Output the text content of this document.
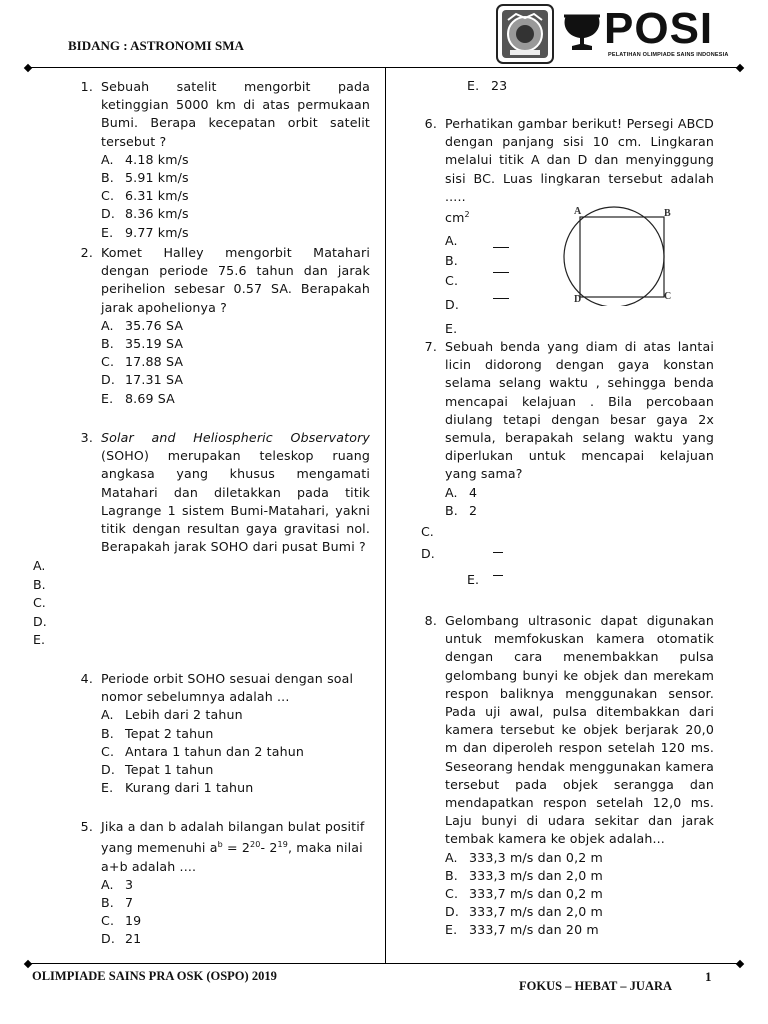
BIDANG : ASTRONOMI SMA	POSI
PELATIHAN OLIMPIADE SAINS INDONESIA
1. Sebuah satelit mengorbit pada ketinggian 5000 km di atas permukaan Bumi. Berapa kecepatan orbit satelit tersebut ?
A. 4.18 km/s
B. 5.91 km/s
C. 6.31 km/s
D. 8.36 km/s
E. 9.77 km/s
2. Komet Halley mengorbit Matahari dengan periode 75.6 tahun dan jarak perihelion sebesar 0.57 SA. Berapakah jarak apohelionya ?
A. 35.76 SA
B. 35.19 SA
C. 17.88 SA
D. 17.31 SA
E. 8.69 SA
3. Solar and Heliospheric Observatory (SOHO) merupakan teleskop ruang angkasa yang khusus mengamati Matahari dan diletakkan pada titik Lagrange 1 sistem Bumi-Matahari, yakni titik dengan resultan gaya gravitasi nol. Berapakah jarak SOHO dari pusat Bumi ?
A.
B.
C.
D.
E.
4. Periode orbit SOHO sesuai dengan soal nomor sebelumnya adalah ...
A. Lebih dari 2 tahun
B. Tepat 2 tahun
C. Antara 1 tahun dan 2 tahun
D. Tepat 1 tahun
E. Kurang dari 1 tahun
5. Jika a dan b adalah bilangan bulat positif yang memenuhi $a^b = 2^{20}-$ $2^{19}$, maka nilai a+b adalah ....
A. 3
B. 7
C. 19
D. 21
E. 23
6. Perhatikan gambar berikut! Persegi ABCD dengan panjang sisi 10 cm. Lingkaran melalui titik A dan D dan menyinggung sisi BC. Luas lingkaran tersebut adalah .....
$cm^2$
A.
B.
C.
D.
E.
A	B
C
D
7. Sebuah benda yang diam di atas lantai licin didorong dengan gaya konstan selama selang waktu , sehingga benda mencapai kelajuan . Bila percobaan diulang tetapi dengan besar gaya 2x semula, berapakah selang waktu yang diperlukan untuk mencapai kelajuan yang sama?
A. 4
B. 2
C.
D.
E.
8. Gelombang ultrasonic dapat digunakan untuk memfokuskan kamera otomatik dengan cara menembakkan pulsa gelombang bunyi ke objek dan merekam respon baliknya menggunakan sensor. Pada uji awal, pulsa ditembakkan dari kamera tersebut ke objek berjarak 20,0 m dan diperoleh respon setelah 120 ms. Seseorang hendak menggunakan kamera tersebut pada objek serangga dan mendapatkan respon setelah 12,0 ms. Laju bunyi di udara sekitar dan jarak tembak kamera ke objek adalah...
A. 333,3 m/s dan 0,2 m
B. 333,3 m/s dan 2,0 m
C. 333,7 m/s dan 0,2 m
D. 333,7 m/s dan 2,0 m
E. 333,7 m/s dan 20 m
OLIMPIADE SAINS PRA OSK (OSPO) 2019
FOKUS – HEBAT – JUARA
1
